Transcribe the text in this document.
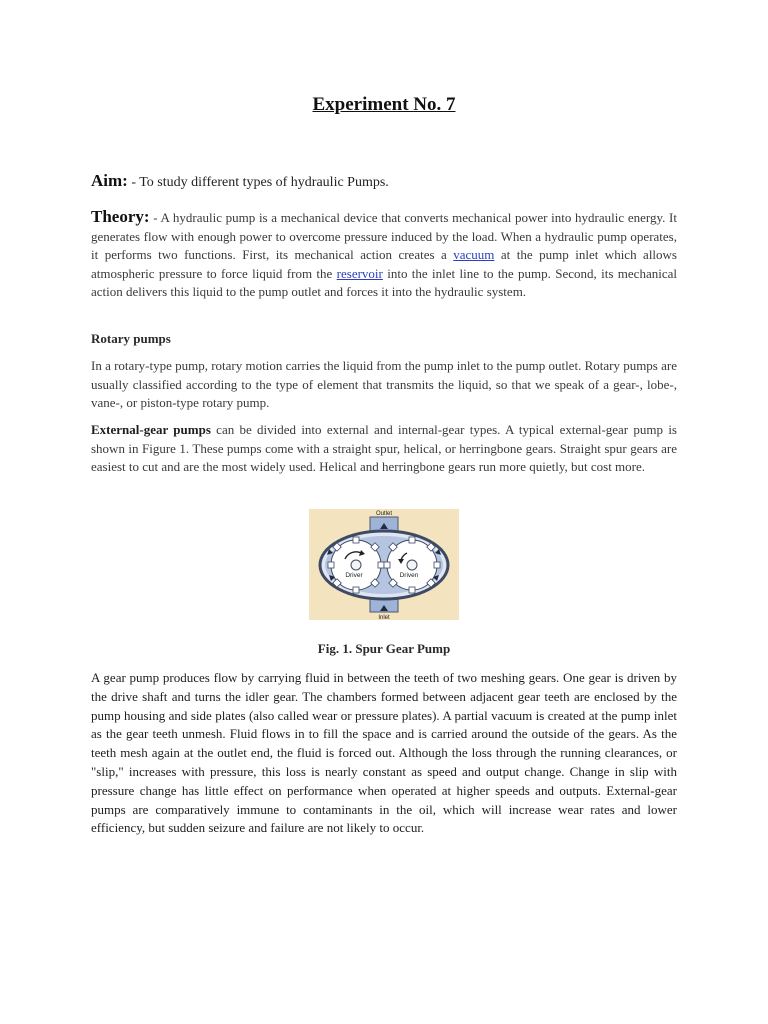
Experiment No. 7
Aim: - To study different types of hydraulic Pumps.
Theory: - A hydraulic pump is a mechanical device that converts mechanical power into hydraulic energy. It generates flow with enough power to overcome pressure induced by the load. When a hydraulic pump operates, it performs two functions. First, its mechanical action creates a vacuum at the pump inlet which allows atmospheric pressure to force liquid from the reservoir into the inlet line to the pump. Second, its mechanical action delivers this liquid to the pump outlet and forces it into the hydraulic system.
Rotary pumps
In a rotary-type pump, rotary motion carries the liquid from the pump inlet to the pump outlet. Rotary pumps are usually classified according to the type of element that transmits the liquid, so that we speak of a gear-, lobe-, vane-, or piston-type rotary pump.
External-gear pumps can be divided into external and internal-gear types. A typical external-gear pump is shown in Figure 1. These pumps come with a straight spur, helical, or herringbone gears. Straight spur gears are easiest to cut and are the most widely used. Helical and herringbone gears run more quietly, but cost more.
Outlet
Inlet
Driver	Driven
Fig. 1. Spur Gear Pump
A gear pump produces flow by carrying fluid in between the teeth of two meshing gears. One gear is driven by the drive shaft and turns the idler gear. The chambers formed between adjacent gear teeth are enclosed by the pump housing and side plates (also called wear or pressure plates). A partial vacuum is created at the pump inlet as the gear teeth unmesh. Fluid flows in to fill the space and is carried around the outside of the gears. As the teeth mesh again at the outlet end, the fluid is forced out. Although the loss through the running clearances, or "slip," increases with pressure, this loss is nearly constant as speed and output change. Change in slip with pressure change has little effect on performance when operated at higher speeds and outputs. External-gear pumps are comparatively immune to contaminants in the oil, which will increase wear rates and lower efficiency, but sudden seizure and failure are not likely to occur.
